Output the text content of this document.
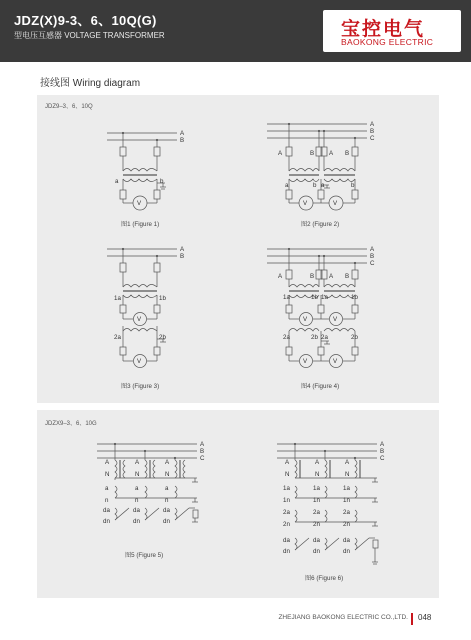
JDZ(X)9-3、6、10Q(G)
型电压互感器 VOLTAGE TRANSFORMER	宝控电气
BAOKONG ELECTRIC
接线图 Wiring diagram
JDZ9–3、6、10Q
A
B
a	b
V
A
B
C
A	B A B
a	b a	b
V	V
A
B
1a	1b
V
2a	2b
V
A
B
C
A	B A B
1a	1b 1a	1b
V	V
2a	2b 2a	2b
V	V
图1 (Figure 1)	图2 (Figure 2)
图3 (Figure 3)	图4 (Figure 4)
JDZX9–3、6、10G
A
B
C
A	A	A
N	N	N
a	a	a
n	n	n
da	da	da
dn	dn	dn
A
B
C
A	A	A
N	N	N
1a	1a	1a
1n	1n	1n
2a	2a	2a
2n	2n	2n
da	da	da
dn	dn	dn
图5 (Figure 5)
图6 (Figure 6)
ZHEJIANG BAOKONG ELECTRIC CO.,LTD. 048
